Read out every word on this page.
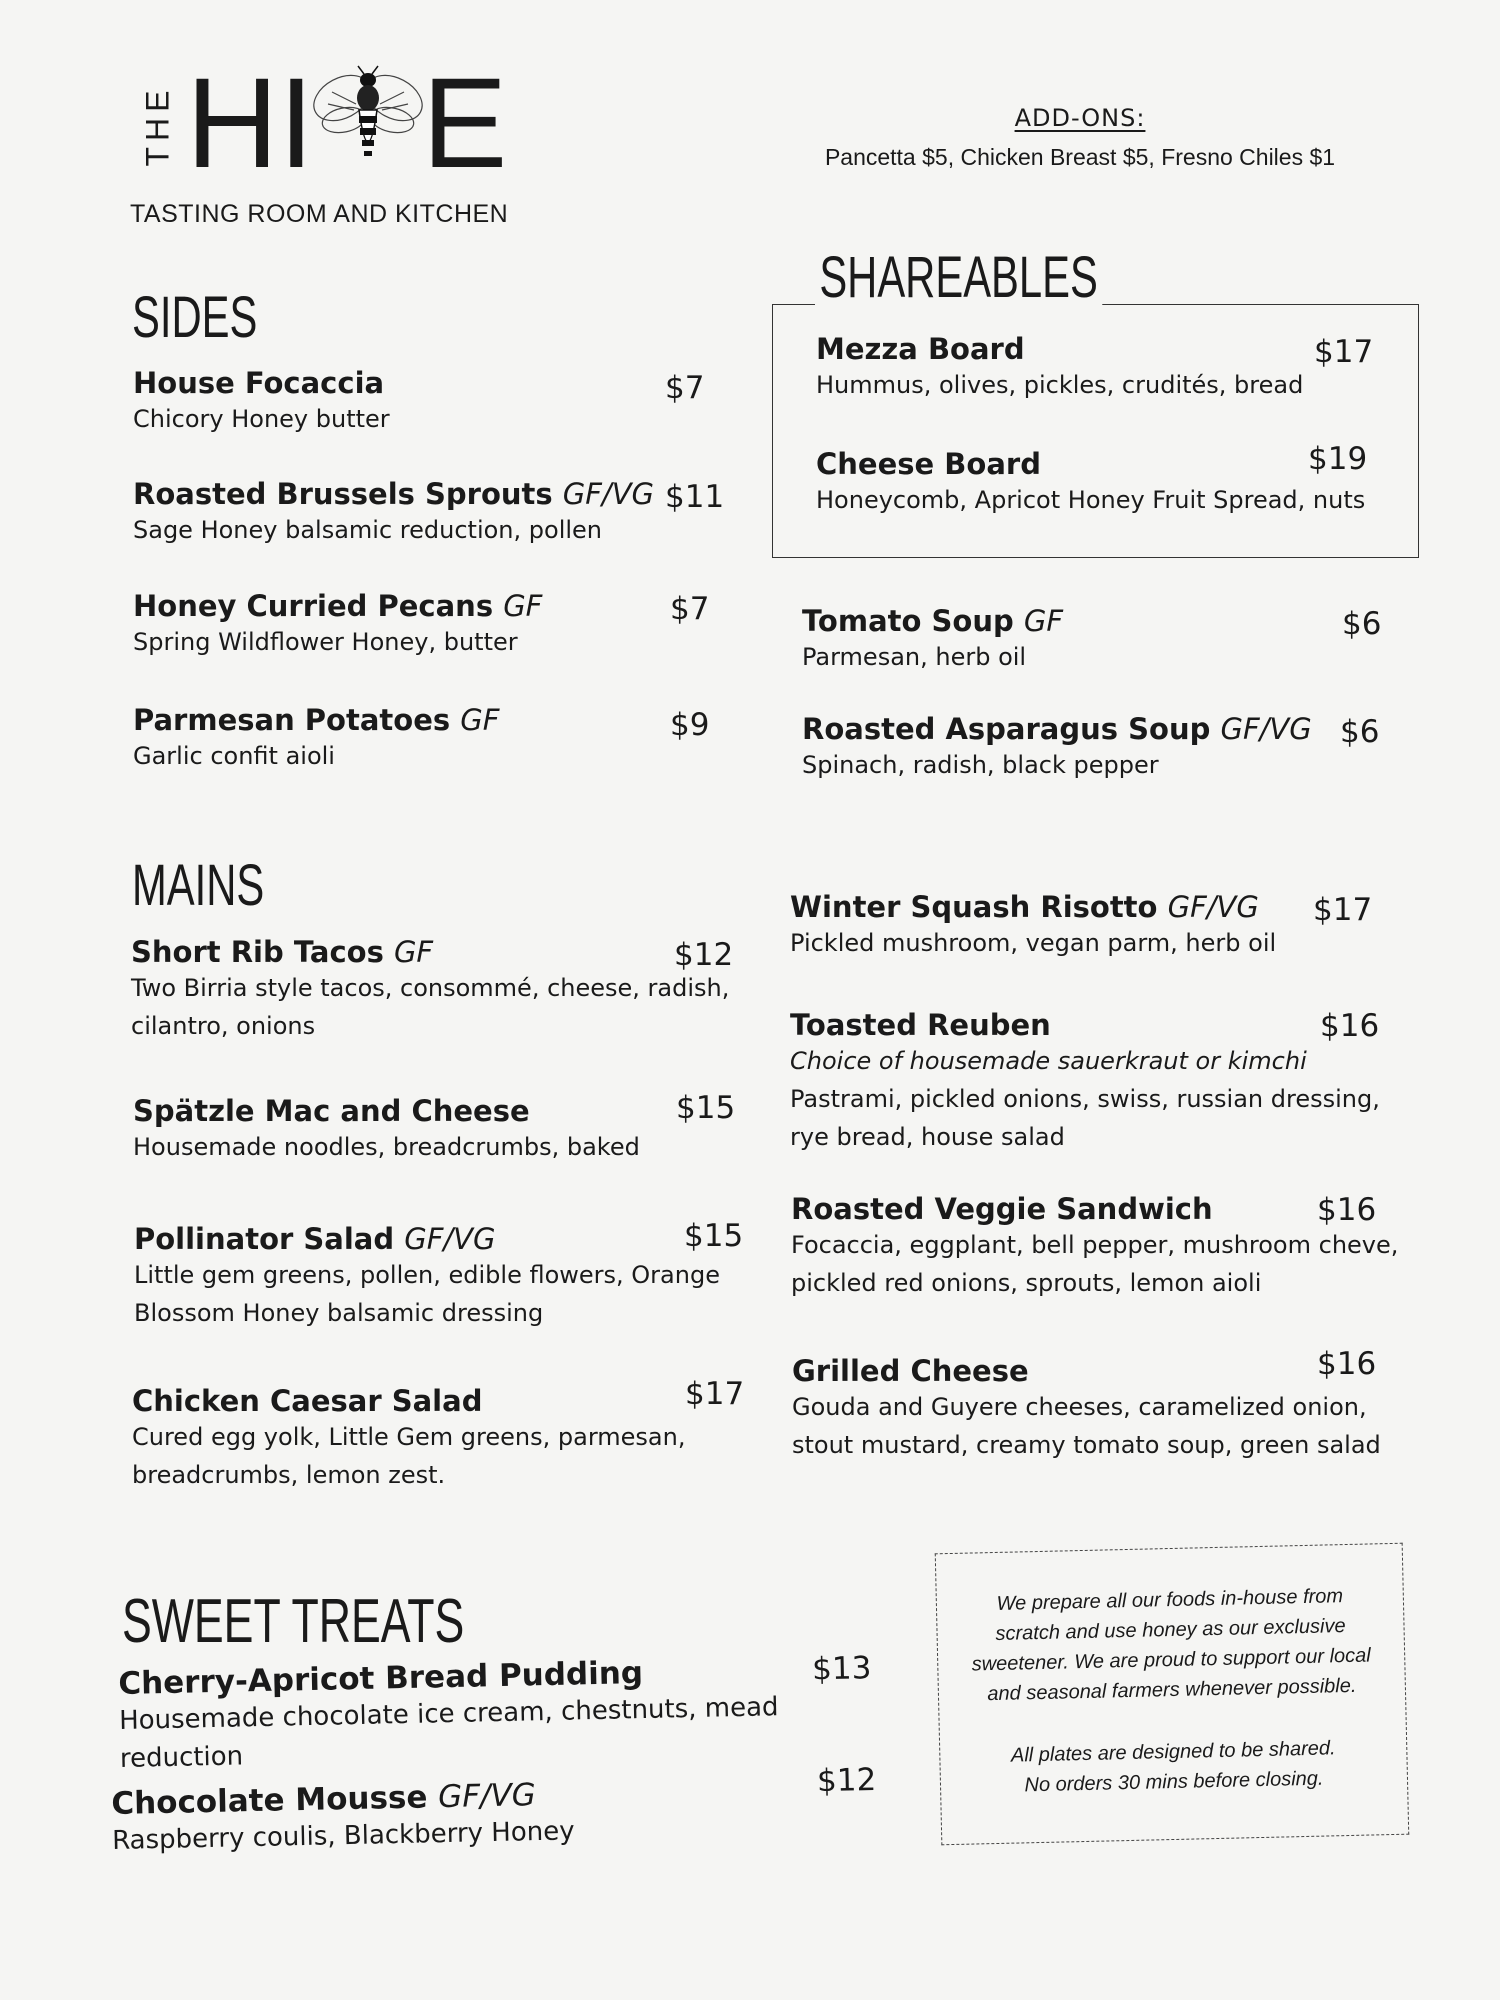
THE HI E
TASTING ROOM AND KITCHEN
ADD-ONS:
Pancetta $5, Chicken Breast $5, Fresno Chiles $1
SIDES
House Focaccia	$7
Chicory Honey butter
Roasted Brussels Sprouts GF/VG $11
Sage Honey balsamic reduction, pollen
Honey Curried Pecans GF	$7
Spring Wildflower Honey, butter
Parmesan Potatoes GF	$9
Garlic confit aioli
SHAREABLES
Mezza Board	$17
Hummus, olives, pickles, crudités, bread
Cheese Board	$19
Honeycomb, Apricot Honey Fruit Spread, nuts
Tomato Soup GF	$6
Parmesan, herb oil
Roasted Asparagus Soup GF/VG $6
Spinach, radish, black pepper
MAINS
Short Rib Tacos GF	$12
Two Birria style tacos, consommé, cheese, radish,
cilantro, onions
Spätzle Mac and Cheese	$15
Housemade noodles, breadcrumbs, baked
Pollinator Salad GF/VG	$15
Little gem greens, pollen, edible flowers, Orange
Blossom Honey balsamic dressing
Chicken Caesar Salad	$17
Cured egg yolk, Little Gem greens, parmesan,
breadcrumbs, lemon zest.
Winter Squash Risotto GF/VG	$17
Pickled mushroom, vegan parm, herb oil
Toasted Reuben	$16
Choice of housemade sauerkraut or kimchi
Pastrami, pickled onions, swiss, russian dressing,
rye bread, house salad
Roasted Veggie Sandwich	$16
Focaccia, eggplant, bell pepper, mushroom cheve,
pickled red onions, sprouts, lemon aioli
Grilled Cheese	$16
Gouda and Guyere cheeses, caramelized onion,
stout mustard, creamy tomato soup, green salad
SWEET TREATS
Cherry-Apricot Bread Pudding	$13
Housemade chocolate ice cream, chestnuts, mead reduction
Chocolate Mousse GF/VG	$12
Raspberry coulis, Blackberry Honey

We prepare all our foods in-house from

scratch and use honey as our exclusive

sweetener. We are proud to support our local

and seasonal farmers whenever possible.

All plates are designed to be shared.

No orders 30 mins before closing.
